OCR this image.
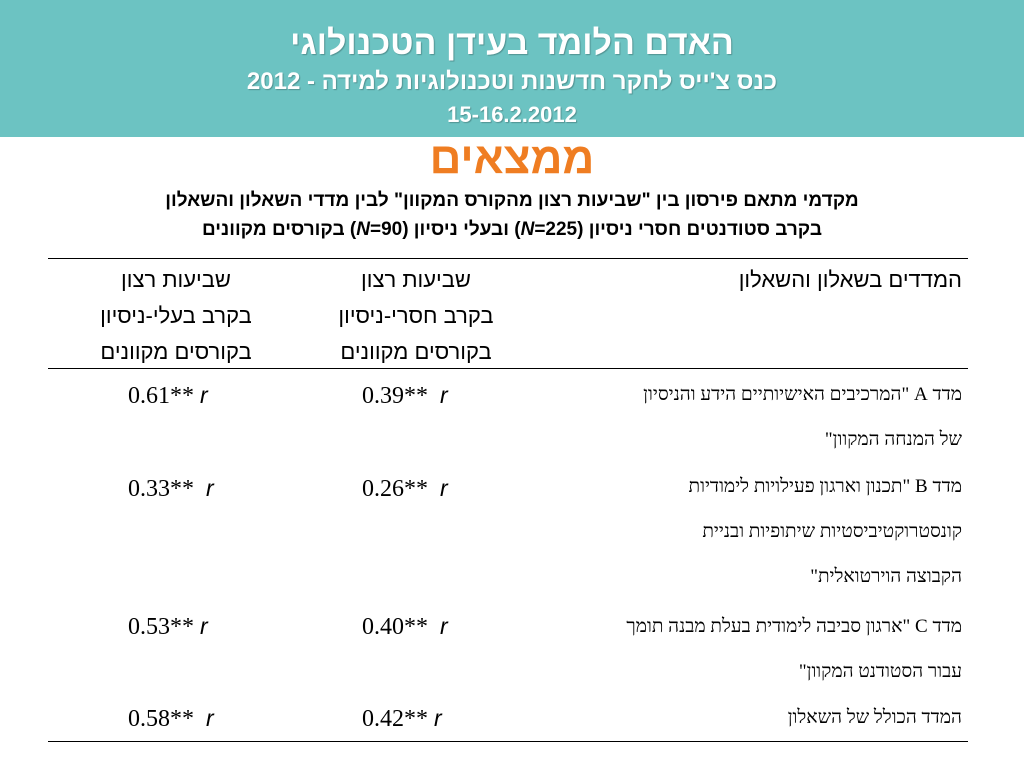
האדם הלומד בעידן הטכנולוגי
כנס צ'ייס לחקר חדשנות וטכנולוגיות למידה - 2012
15-16.2.2012
ממצאים
מקדמי מתאם פירסון בין "שביעות רצון מהקורס המקוון" לבין מדדי השאלון והשאלון
בקרב סטודנטים חסרי ניסיון (N=225) ובעלי ניסיון (N=90) בקורסים מקוונים
המדדים בשאלון והשאלון
שביעות רצון
בקרב חסרי-ניסיון
בקורסים מקוונים
שביעות רצון
בקרב בעלי-ניסיון
בקורסים מקוונים
מדד A "המרכיבים האישיותיים הידע והניסיון
של המנחה המקוון"
מדד B "תכנון וארגון פעילויות לימודיות
קונסטרוקטיביסטיות שיתופיות ובניית
הקבוצה הוירטואלית"
מדד C "ארגון סביבה לימודית בעלת מבנה תומך
עבור הסטודנט המקוון"
המדד הכולל של השאלון
0.39** r
0.26** r
0.40** r
0.42** r
0.61** r
0.33** r
0.53** r
0.58** r
